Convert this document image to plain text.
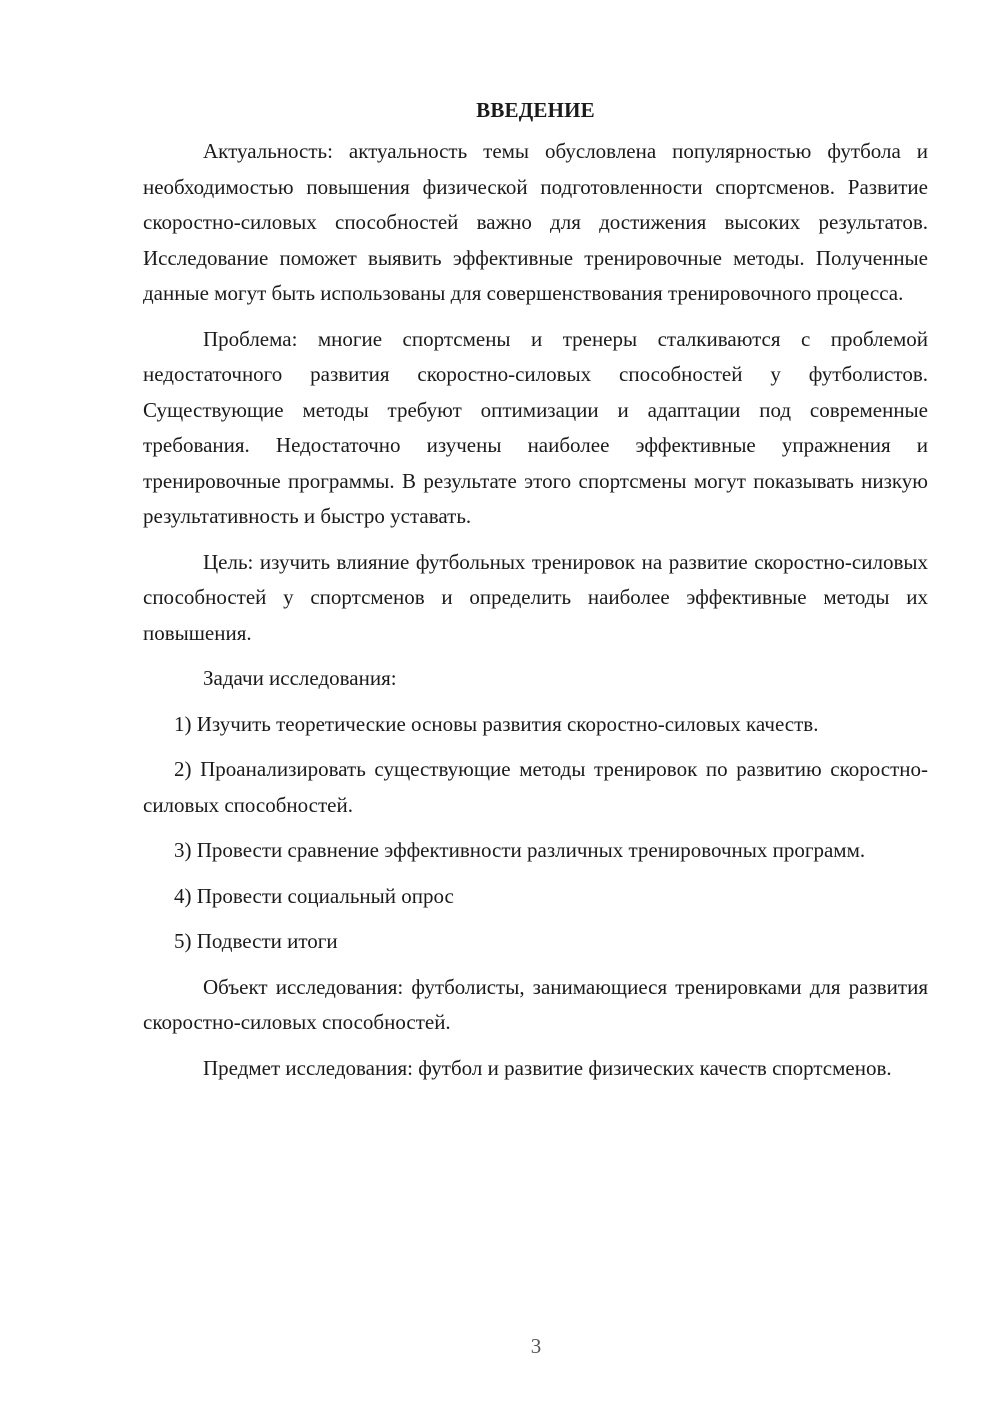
ВВЕДЕНИЕ

Актуальность: актуальность темы обусловлена популярностью футбола и необходимостью повышения физической подготовленности спортсменов. Развитие скоростно-силовых способностей важно для достижения высоких результатов. Исследование поможет выявить эффективные тренировочные методы. Полученные данные могут быть использованы для совершенствования тренировочного процесса.

Проблема: многие спортсмены и тренеры сталкиваются с проблемой недостаточного развития скоростно-силовых способностей у футболистов. Существующие методы требуют оптимизации и адаптации под современные требования. Недостаточно изучены наиболее эффективные упражнения и тренировочные программы. В результате этого спортсмены могут показывать низкую результативность и быстро уставать.

Цель: изучить влияние футбольных тренировок на развитие скоростно-силовых способностей у спортсменов и определить наиболее эффективные методы их повышения.

Задачи исследования:

1) Изучить теоретические основы развития скоростно-силовых качеств.

2) Проанализировать существующие методы тренировок по развитию скоростно-силовых способностей.

3) Провести сравнение эффективности различных тренировочных программ.

4) Провести социальный опрос

5) Подвести итоги

Объект исследования: футболисты, занимающиеся тренировками для развития скоростно-силовых способностей.

Предмет исследования: футбол и развитие физических качеств спортсменов.

3
